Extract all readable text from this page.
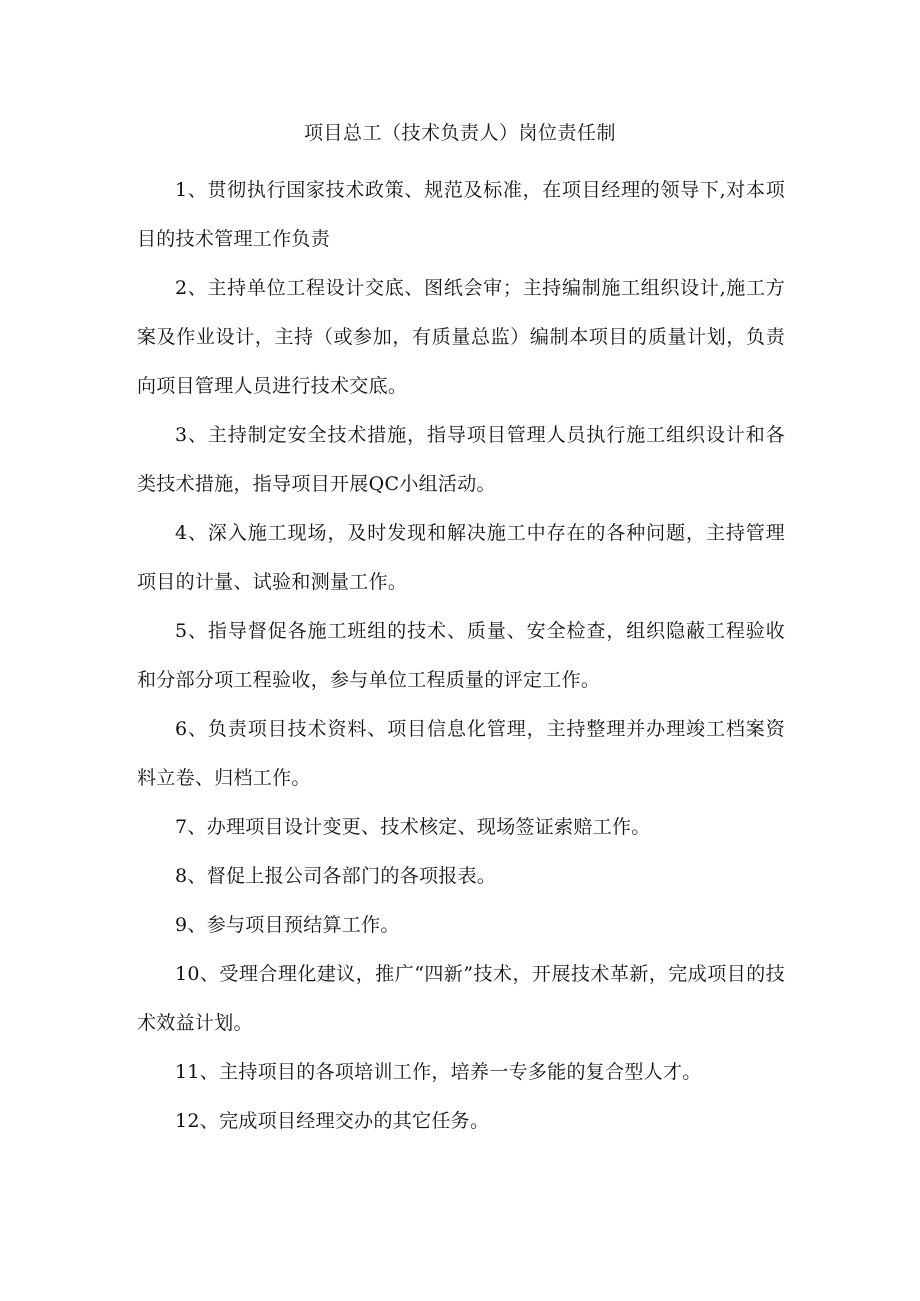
项目总工（技术负责人）岗位责任制

1、贯彻执行国家技术政策、规范及标准，在项目经理的领导下,对本项目的技术管理工作负责

2、主持单位工程设计交底、图纸会审；主持编制施工组织设计,施工方案及作业设计，主持（或参加，有质量总监）编制本项目的质量计划，负责向项目管理人员进行技术交底。

3、主持制定安全技术措施，指导项目管理人员执行施工组织设计和各类技术措施，指导项目开展QC小组活动。

4、深入施工现场，及时发现和解决施工中存在的各种问题，主持管理项目的计量、试验和测量工作。

5、指导督促各施工班组的技术、质量、安全检查，组织隐蔽工程验收和分部分项工程验收，参与单位工程质量的评定工作。

6、负责项目技术资料、项目信息化管理，主持整理并办理竣工档案资料立卷、归档工作。

7、办理项目设计变更、技术核定、现场签证索赔工作。

8、督促上报公司各部门的各项报表。

9、参与项目预结算工作。

10、受理合理化建议，推广“四新”技术，开展技术革新，完成项目的技术效益计划。

11、主持项目的各项培训工作，培养一专多能的复合型人才。

12、完成项目经理交办的其它任务。
